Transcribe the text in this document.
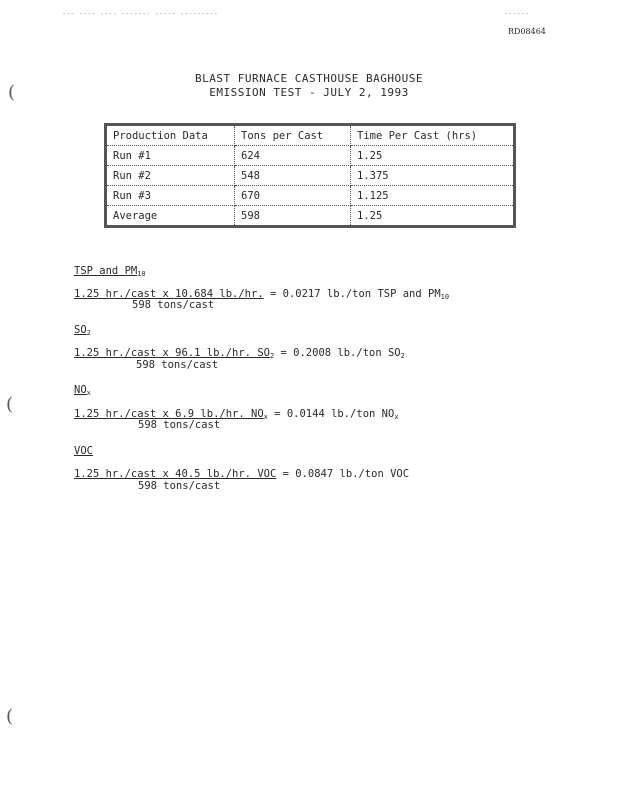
--- ---- ---- ------- ----- ---------	------
RD08464
(
(
(
BLAST FURNACE CASTHOUSE BAGHOUSE
EMISSION TEST - JULY 2, 1993
Production Data	Tons per Cast	Time Per Cast (hrs)
Run #1	624	1.25
Run #2	548	1.375
Run #3	670	1.125
Average	598	1.25
TSP and $PM_{10}$
1.25 hr./cast x 10.684 lb./hr. = 0.0217 lb./ton TSP and $PM_{10}$
598 tons/cast
$SO_2$
1.25 hr./cast x 96.1 lb./hr. $SO_2 = 0.2008$ lb./ton $SO_2$
598 tons/cast
$NO_x$
1.25 hr./cast x 6.9 lb./hr. $NO_x = 0.0144$ lb./ton $NO_x$
598 tons/cast
VOC
1.25 hr./cast x 40.5 lb./hr. VOC = 0.0847 lb./ton VOC
598 tons/cast
